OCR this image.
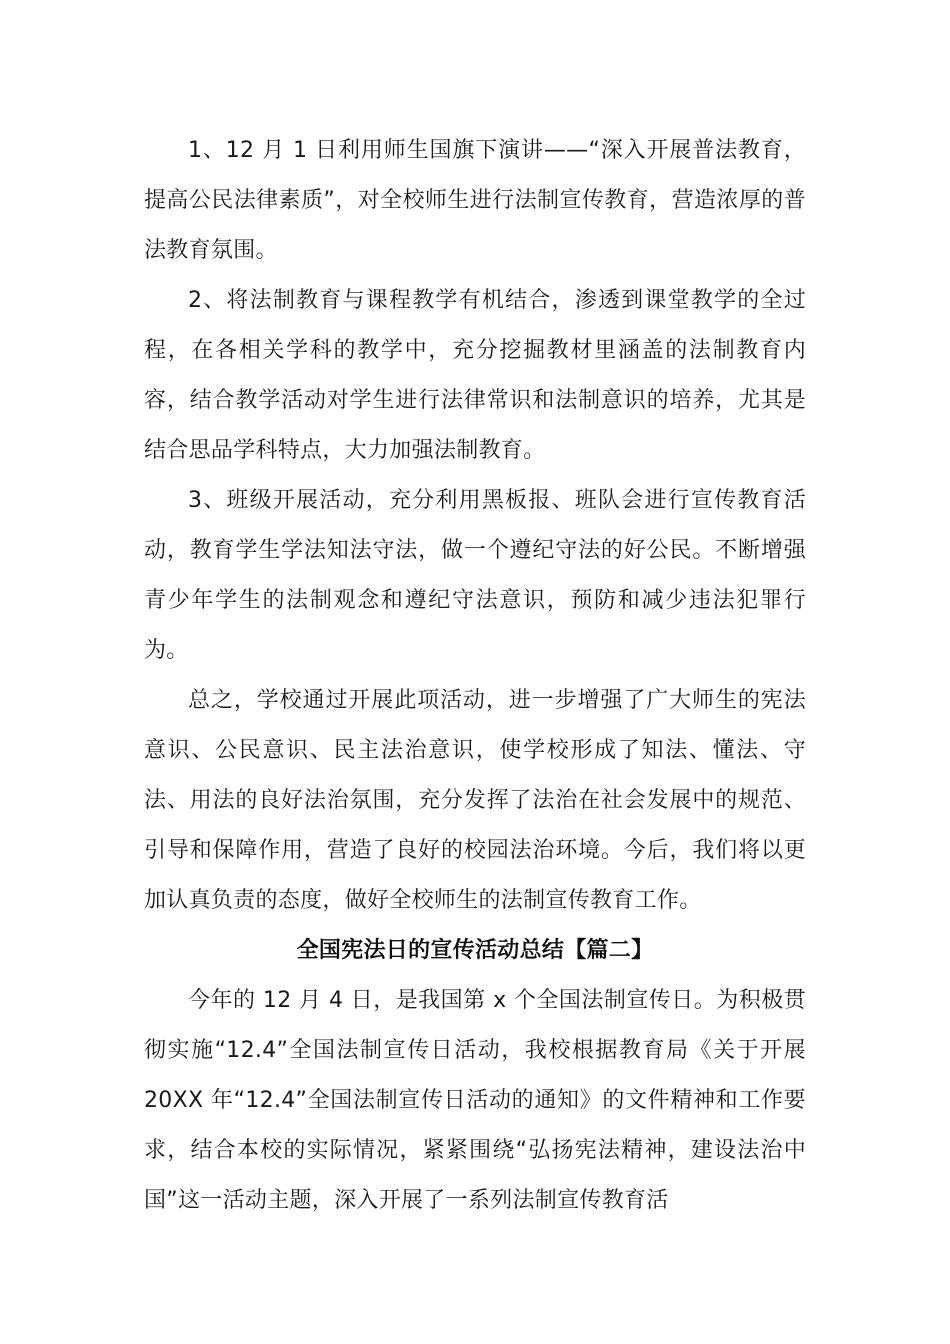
1、12 月 1 日利用师生国旗下演讲——“深入开展普法教育，提高公民法律素质”，对全校师生进行法制宣传教育，营造浓厚的普法教育氛围。

2、将法制教育与课程教学有机结合，渗透到课堂教学的全过程，在各相关学科的教学中，充分挖掘教材里涵盖的法制教育内容，结合教学活动对学生进行法律常识和法制意识的培养，尤其是结合思品学科特点，大力加强法制教育。

3、班级开展活动，充分利用黑板报、班队会进行宣传教育活动，教育学生学法知法守法，做一个遵纪守法的好公民。不断增强青少年学生的法制观念和遵纪守法意识，预防和减少违法犯罪行为。

总之，学校通过开展此项活动，进一步增强了广大师生的宪法意识、公民意识、民主法治意识，使学校形成了知法、懂法、守法、用法的良好法治氛围，充分发挥了法治在社会发展中的规范、引导和保障作用，营造了良好的校园法治环境。今后，我们将以更加认真负责的态度，做好全校师生的法制宣传教育工作。

全国宪法日的宣传活动总结【篇二】

今年的 12 月 4 日，是我国第 x 个全国法制宣传日。为积极贯彻实施“12.4”全国法制宣传日活动，我校根据教育局《关于开展 20XX 年“12.4”全国法制宣传日活动的通知》的文件精神和工作要求，结合本校的实际情况，紧紧围绕“弘扬宪法精神，建设法治中国”这一活动主题，深入开展了一系列法制宣传教育活
